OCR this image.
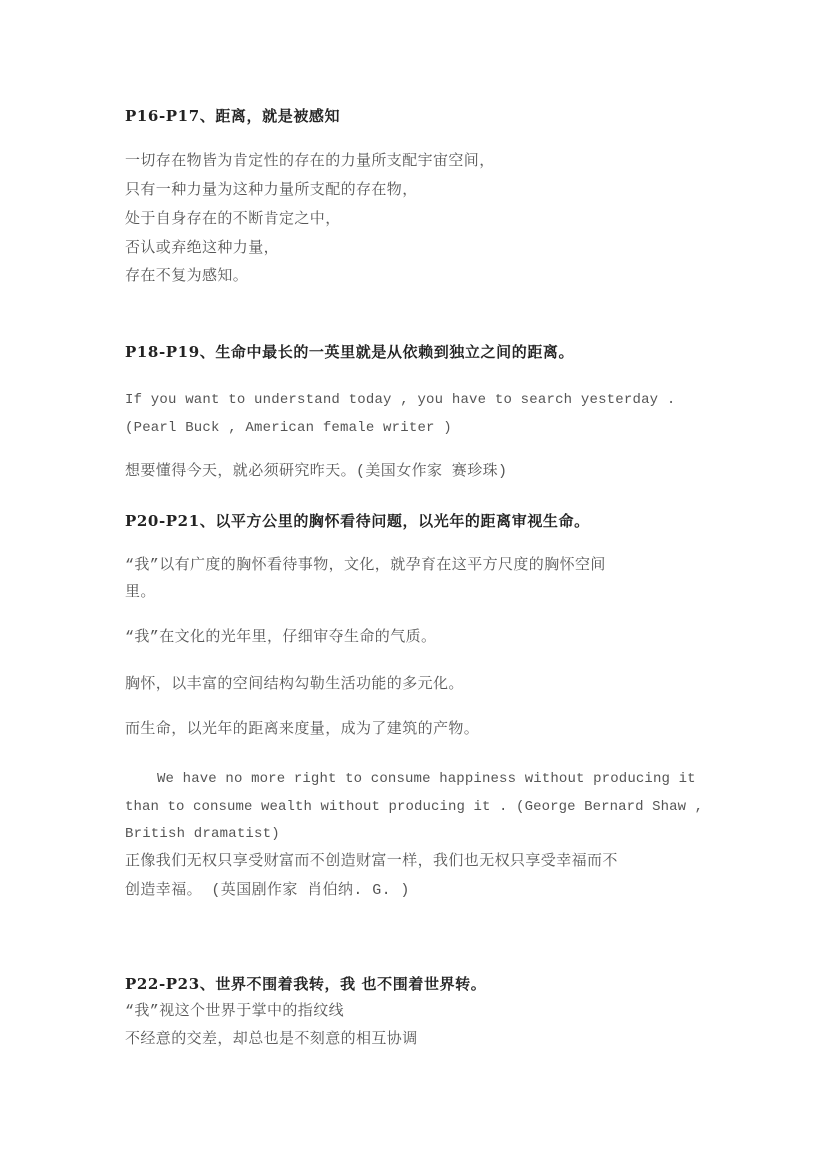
P16-P17、距离，就是被感知
一切存在物皆为肯定性的存在的力量所支配宇宙空间，
只有一种力量为这种力量所支配的存在物，
处于自身存在的不断肯定之中，
否认或弃绝这种力量，
存在不复为感知。
P18-P19、生命中最长的一英里就是从依赖到独立之间的距离。
If you want to understand today , you have to search yesterday .
(Pearl Buck , American female writer )
想要懂得今天，就必须研究昨天。(美国女作家 赛珍珠)
P20-P21、以平方公里的胸怀看待问题，以光年的距离审视生命。
“我”以有广度的胸怀看待事物，文化，就孕育在这平方尺度的胸怀空间
里。
“我”在文化的光年里，仔细审夺生命的气质。
胸怀，以丰富的空间结构勾勒生活功能的多元化。
而生命，以光年的距离来度量，成为了建筑的产物。
We have no more right to consume happiness without producing it
than to consume wealth without producing it . (George Bernard Shaw ,
British dramatist)
正像我们无权只享受财富而不创造财富一样，我们也无权只享受幸福而不
创造幸福。 (英国剧作家 肖伯纳. G. )
P22-P23、世界不围着我转，我 也不围着世界转。
“我”视这个世界于掌中的指纹线
不经意的交差，却总也是不刻意的相互协调
